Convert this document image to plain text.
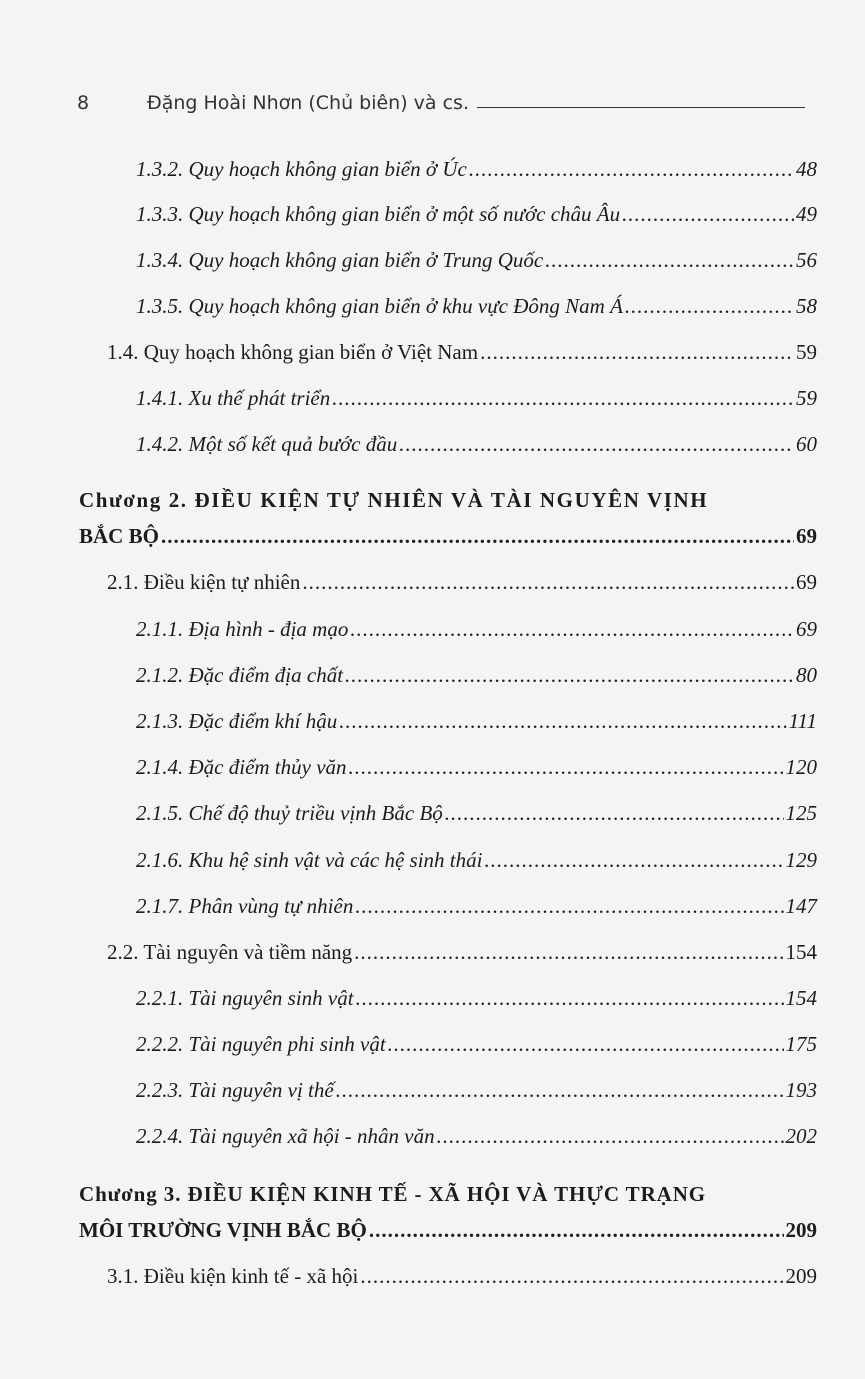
8	Đặng Hoài Nhơn (Chủ biên) và cs.
1.3.2. Quy hoạch không gian biển ở Úc .....	48
1.3.3. Quy hoạch không gian biển ở một số nước châu Âu .....	49
1.3.4. Quy hoạch không gian biển ở Trung Quốc .....	56
1.3.5. Quy hoạch không gian biển ở khu vực Đông Nam Á .....	58
1.4. Quy hoạch không gian biển ở Việt Nam .....	59
1.4.1. Xu thế phát triển .....	59
1.4.2. Một số kết quả bước đầu .....	60
Chương 2. ĐIỀU KIỆN TỰ NHIÊN VÀ TÀI NGUYÊN VỊNH
BẮC BỘ .....	69
2.1. Điều kiện tự nhiên .....	69
2.1.1. Địa hình - địa mạo .....	69
2.1.2. Đặc điểm địa chất .....	80
2.1.3. Đặc điểm khí hậu .....	111
2.1.4. Đặc điểm thủy văn .....	120
2.1.5. Chế độ thuỷ triều vịnh Bắc Bộ .....	125
2.1.6. Khu hệ sinh vật và các hệ sinh thái .....	129
2.1.7. Phân vùng tự nhiên .....	147
2.2. Tài nguyên và tiềm năng .....	154
2.2.1. Tài nguyên sinh vật .....	154
2.2.2. Tài nguyên phi sinh vật .....	175
2.2.3. Tài nguyên vị thế .....	193
2.2.4. Tài nguyên xã hội - nhân văn .....	202
Chương 3. ĐIỀU KIỆN KINH TẾ - XÃ HỘI VÀ THỰC TRẠNG
MÔI TRƯỜNG VỊNH BẮC BỘ .....	209
3.1. Điều kiện kinh tế - xã hội .....	209
